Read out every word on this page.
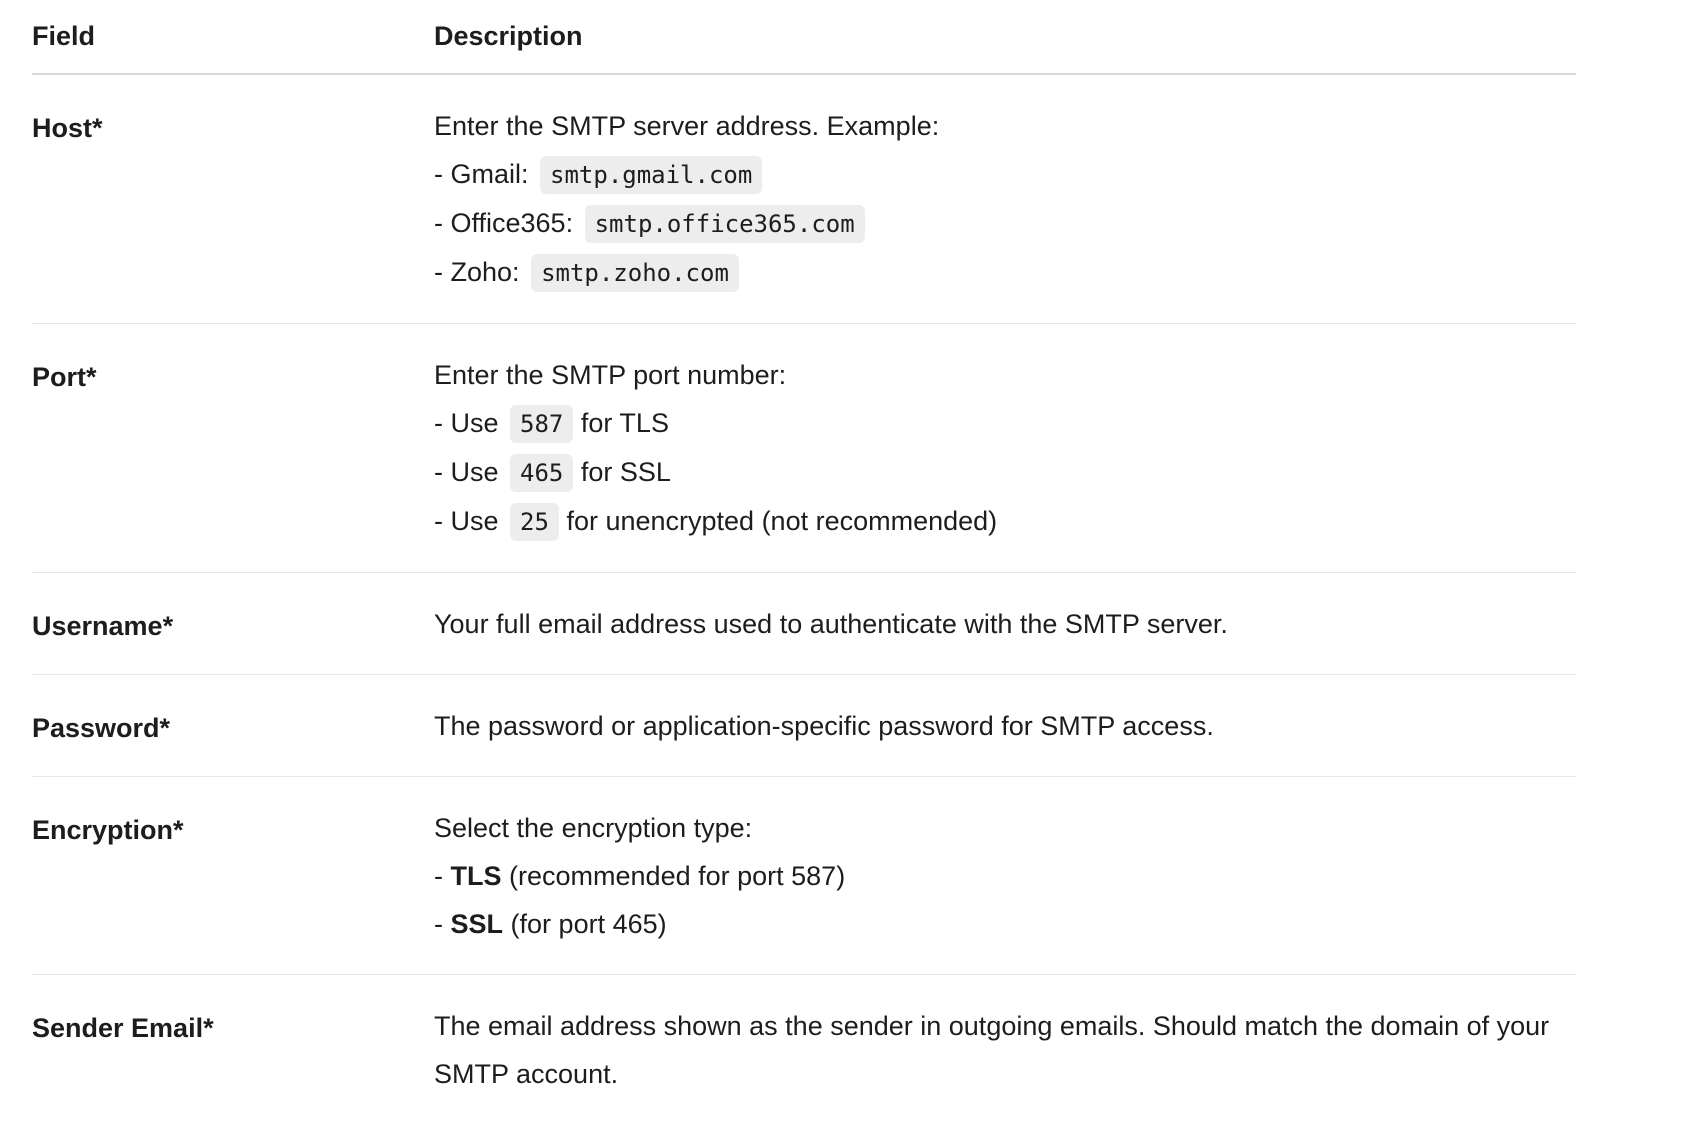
Field	Description

Host*	Enter the SMTP server address. Example:
- Gmail: smtp.gmail.com
- Office365: smtp.office365.com
- Zoho: smtp.zoho.com

Port*	Enter the SMTP port number:
- Use 587 for TLS
- Use 465 for SSL
- Use 25 for unencrypted (not recommended)

Username*	Your full email address used to authenticate with the SMTP server.

Password*	The password or application-specific password for SMTP access.

Encryption*	Select the encryption type:
- TLS (recommended for port 587)
- SSL (for port 465)

Sender Email*	The email address shown as the sender in outgoing emails. Should match the domain of your SMTP account.
